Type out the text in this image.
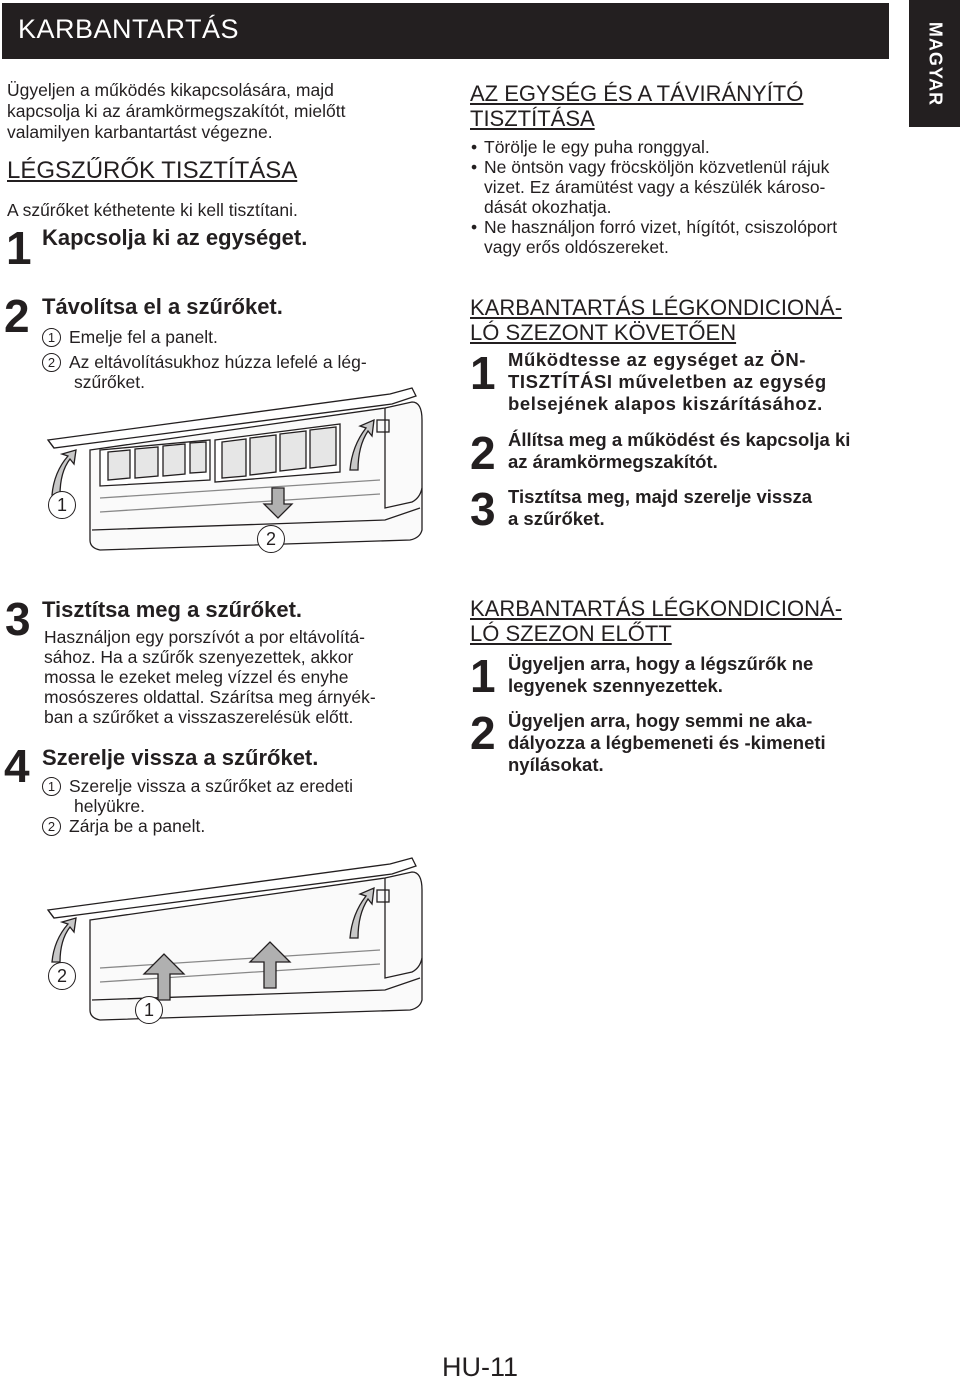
KARBANTARTÁS	MAGYAR
Ügyeljen a működés kikapcsolására, majd
kapcsolja ki az áramkörmegszakítót, mielőtt
valamilyen karbantartást végezne.
LÉGSZŰRŐK TISZTÍTÁSA
A szűrőket kéthetente ki kell tisztítani.
1 Kapcsolja ki az egységet.
2 Távolítsa el a szűrőket.
1 Emelje fel a panelt.
2 Az eltávolításukhoz húzza lefelé a lég-
szűrőket.
1
2
3 Tisztítsa meg a szűrőket.
Használjon egy porszívót a por eltávolítá-
sához. Ha a szűrők szenyezettek, akkor
mossa le ezeket meleg vízzel és enyhe
mosószeres oldattal. Szárítsa meg árnyék-
ban a szűrőket a visszaszerelésük előtt.
4 Szerelje vissza a szűrőket.
1 Szerelje vissza a szűrőket az eredeti
helyükre.
2 Zárja be a panelt.
2
1
AZ EGYSÉG ÉS A TÁVIRÁNYÍTÓ
TISZTÍTÁSA
• Törölje le egy puha ronggyal.
• Ne öntsön vagy fröcsköljön közvetlenül rájuk
vizet. Ez áramütést vagy a készülék károso-
dását okozhatja.
• Ne használjon forró vizet, hígítót, csiszolóport
vagy erős oldószereket.
KARBANTARTÁS LÉGKONDICIONÁ-
LÓ SZEZONT KÖVETŐEN
1 Működtesse az egységet az ÖN-
TISZTÍTÁSI műveletben az egység
belsejének alapos kiszárításához.
2 Állítsa meg a működést és kapcsolja ki
az áramkörmegszakítót.
3 Tisztítsa meg, majd szerelje vissza
a szűrőket.
KARBANTARTÁS LÉGKONDICIONÁ-
LÓ SZEZON ELŐTT
1 Ügyeljen arra, hogy a légszűrők ne
legyenek szennyezettek.
2 Ügyeljen arra, hogy semmi ne aka-
dályozza a légbemeneti és -kimeneti
nyílásokat.
HU-11
